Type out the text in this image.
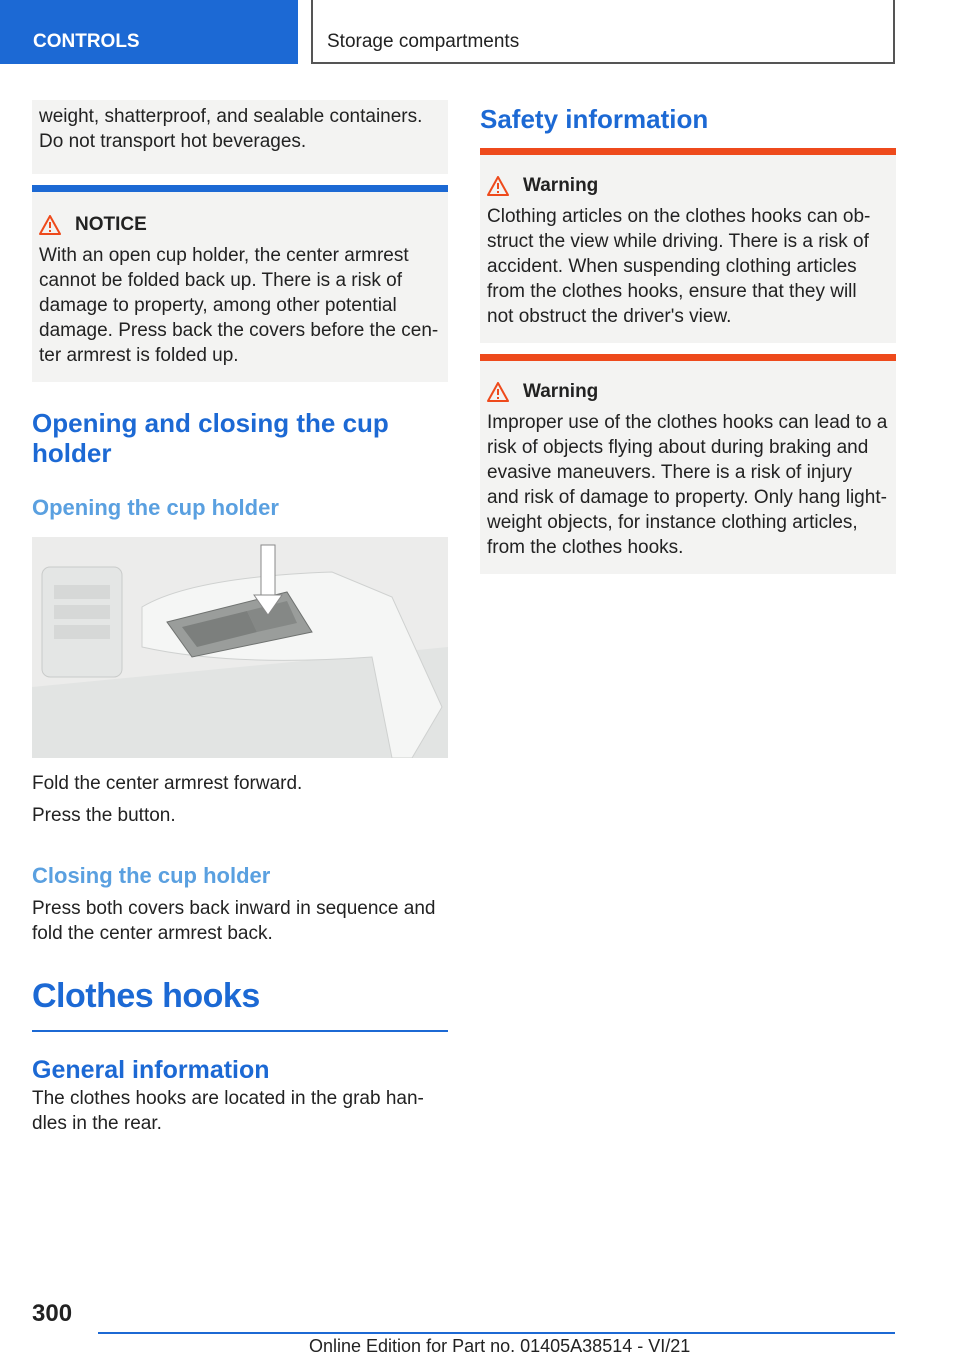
CONTROLS	Storage compartments

weight, shatterproof, and sealable containers. Do not transport hot beverages.

NOTICE

With an open cup holder, the center armrest cannot be folded back up. There is a risk of damage to property, among other potential damage. Press back the covers before the cen-ter armrest is folded up.

Opening and closing the cup holder
Opening the cup holder

Fold the center armrest forward.

Press the button.

Closing the cup holder

Press both covers back inward in sequence and fold the center armrest back.

Clothes hooks
General information

The clothes hooks are located in the grab han-dles in the rear.

Safety information
Warning

Clothing articles on the clothes hooks can ob-struct the view while driving. There is a risk of accident. When suspending clothing articles from the clothes hooks, ensure that they will not obstruct the driver's view.

Warning

Improper use of the clothes hooks can lead to a risk of objects flying about during braking and evasive maneuvers. There is a risk of injury and risk of damage to property. Only hang light-weight objects, for instance clothing articles, from the clothes hooks.

300
Online Edition for Part no. 01405A38514 - VI/21
